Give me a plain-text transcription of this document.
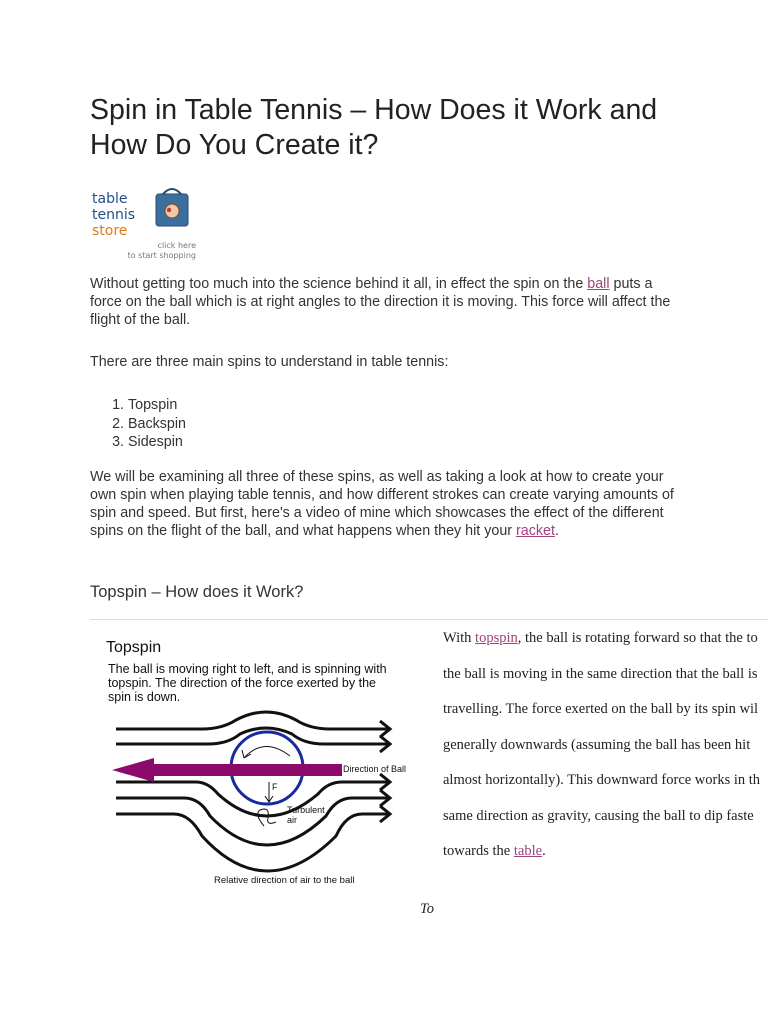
Spin in Table Tennis – How Does it Work and How Do You Create it?
table
tennis
store
click here
to start shopping

Without getting too much into the science behind it all, in effect the spin on the ball puts a force on the ball which is at right angles to the direction it is moving. This force will affect the flight of the ball.

There are three main spins to understand in table tennis:

1. Topspin
2. Backspin
3. Sidespin

We will be examining all three of these spins, as well as taking a look at how to create your own spin when playing table tennis, and how different strokes can create varying amounts of spin and speed. But first, here's a video of mine which showcases the effect of the different spins on the flight of the ball, and what happens when they hit your racket.

Topspin – How does it Work?
Topspin
The ball is moving right to left, and is spinning with
topspin. The direction of the force exerted by the
spin is down.
F
Direction of Ball
Turbulent
air
Relative direction of air to the ball
With topspin, the ball is rotating forward so that the to
the ball is moving in the same direction that the ball is
travelling. The force exerted on the ball by its spin wil
generally downwards (assuming the ball has been hit
almost horizontally). This downward force works in th
same direction as gravity, causing the ball to dip faste
towards the table.

To
